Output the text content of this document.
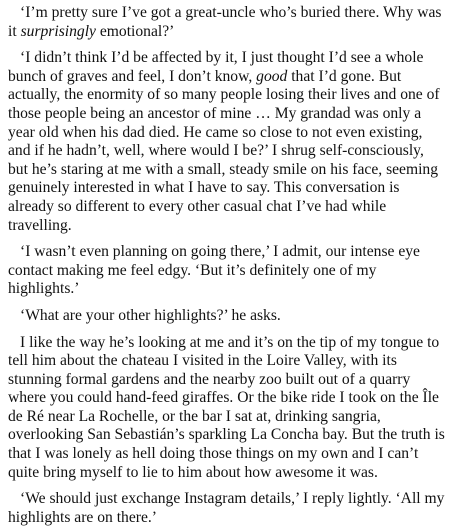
‘I’m pretty sure I’ve got a great-uncle who’s buried there. Why was it surprisingly emotional?’

‘I didn’t think I’d be affected by it, I just thought I’d see a whole bunch of graves and feel, I don’t know, good that I’d gone. But actually, the enormity of so many people losing their lives and one of those people being an ancestor of mine … My grandad was only a year old when his dad died. He came so close to not even existing, and if he hadn’t, well, where would I be?’ I shrug self-consciously, but he’s staring at me with a small, steady smile on his face, seeming genuinely interested in what I have to say. This conversation is already so different to every other casual chat I’ve had while travelling.

‘I wasn’t even planning on going there,’ I admit, our intense eye contact making me feel edgy. ‘But it’s definitely one of my highlights.’

‘What are your other highlights?’ he asks.

I like the way he’s looking at me and it’s on the tip of my tongue to tell him about the chateau I visited in the Loire Valley, with its stunning formal gardens and the nearby zoo built out of a quarry where you could hand-feed giraffes. Or the bike ride I took on the Île de Ré near La Rochelle, or the bar I sat at, drinking sangria, overlooking San Sebastián’s sparkling La Concha bay. But the truth is that I was lonely as hell doing those things on my own and I can’t quite bring myself to lie to him about how awesome it was.

‘We should just exchange Instagram details,’ I reply lightly. ‘All my highlights are on there.’
